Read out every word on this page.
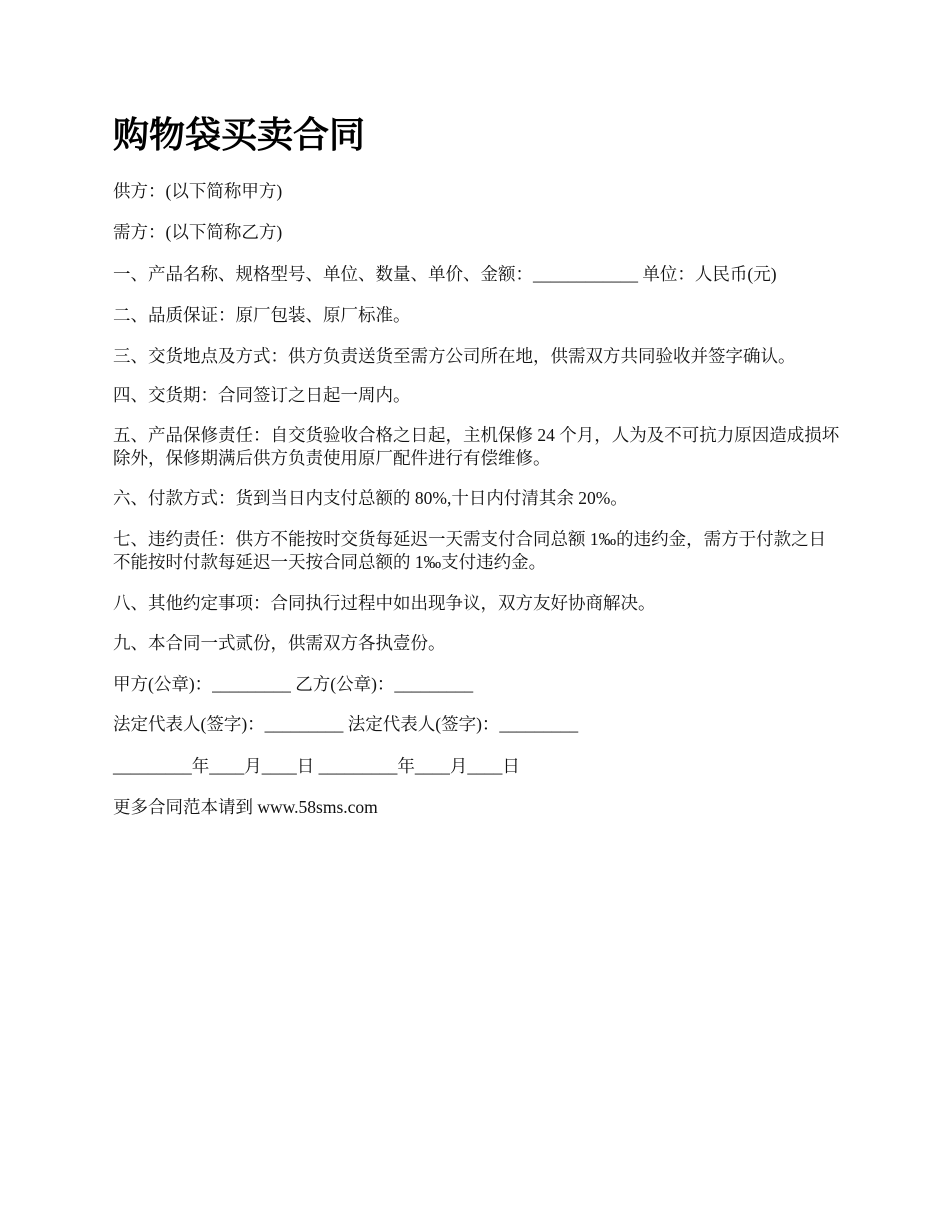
购物袋买卖合同

供方：(以下简称甲方)

需方：(以下简称乙方)

一、产品名称、规格型号、单位、数量、单价、金额：____________ 单位：人民币(元)

二、品质保证：原厂包装、原厂标准。

三、交货地点及方式：供方负责送货至需方公司所在地，供需双方共同验收并签字确认。

四、交货期：合同签订之日起一周内。

五、产品保修责任：自交货验收合格之日起，主机保修 24 个月，人为及不可抗力原因造成损坏除外，保修期满后供方负责使用原厂配件进行有偿维修。

六、付款方式：货到当日内支付总额的 80%,十日内付清其余 20%。

七、违约责任：供方不能按时交货每延迟一天需支付合同总额 1‰的违约金，需方于付款之日不能按时付款每延迟一天按合同总额的 1‰支付违约金。

八、其他约定事项：合同执行过程中如出现争议，双方友好协商解决。

九、本合同一式贰份，供需双方各执壹份。

甲方(公章)：_________ 乙方(公章)：_________

法定代表人(签字)：_________ 法定代表人(签字)：_________

_________年____月____日 _________年____月____日

更多合同范本请到 www.58sms.com
